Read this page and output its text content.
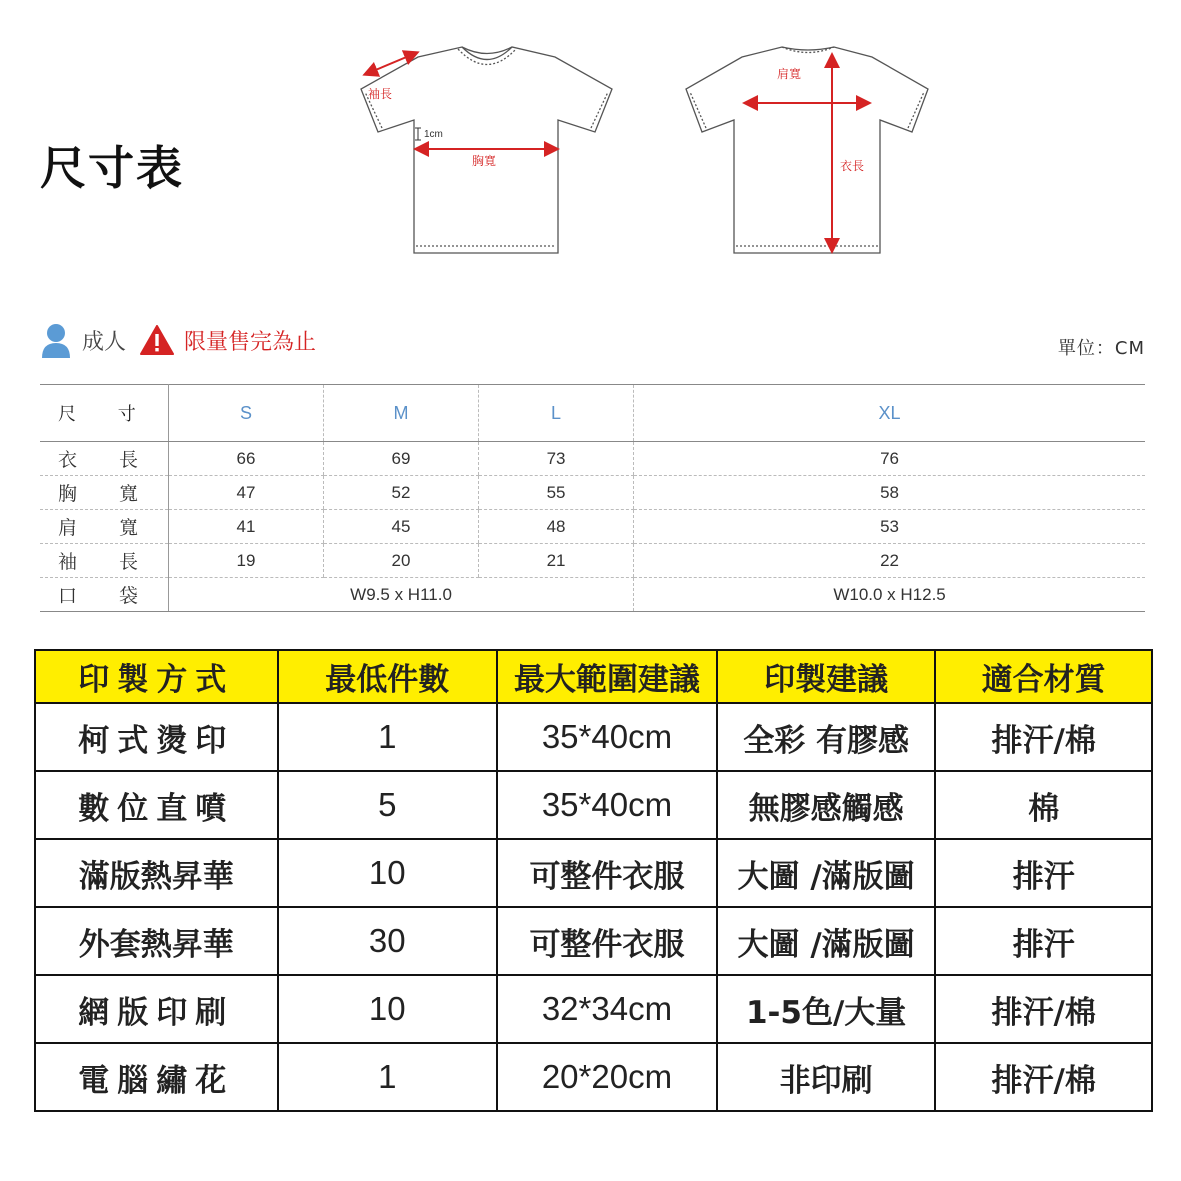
尺寸表
袖長
1cm
胸寬
肩寬
衣長
成人	限量售完為止	單位：CM
尺 寸	S	M	L	XL
衣 長	66	69	73	76
胸 寬	47	52	55	58
肩 寬	41	45	48	53
袖 長	19	20	21	22
口 袋	W9.5 x H11.0			W10.0 x H12.5
印製方式	最低件數	最大範圍建議	印製建議	適合材質
柯式燙印	1	35*40cm	全彩 有膠感	排汗/棉
數位直噴	5	35*40cm	無膠感觸感	棉
滿版熱昇華	10	可整件衣服	大圖 /滿版圖	排汗
外套熱昇華	30	可整件衣服	大圖 /滿版圖	排汗
網版印刷	10	32*34cm	1-5色/大量	排汗/棉
電腦繡花	1	20*20cm	非印刷	排汗/棉
